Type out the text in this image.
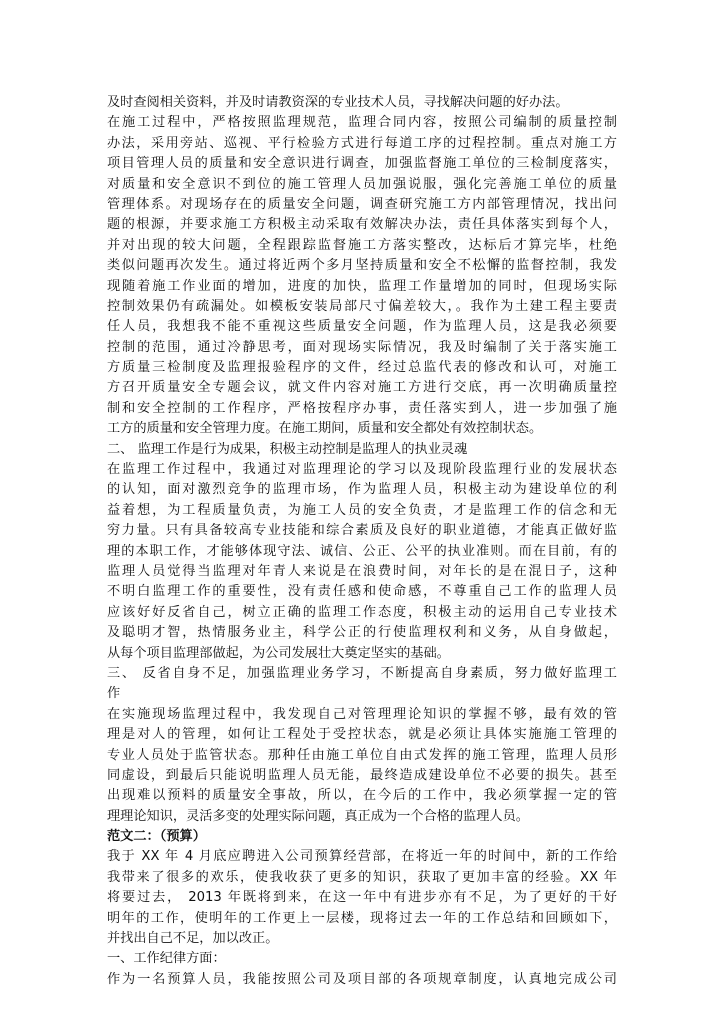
及时查阅相关资料，并及时请教资深的专业技术人员，寻找解决问题的好办法。
在施工过程中，严格按照监理规范，监理合同内容，按照公司编制的质量控制
办法，采用旁站、巡视、平行检验方式进行每道工序的过程控制。重点对施工方
项目管理人员的质量和安全意识进行调查，加强监督施工单位的三检制度落实，
对质量和安全意识不到位的施工管理人员加强说服，强化完善施工单位的质量
管理体系。对现场存在的质量安全问题，调查研究施工方内部管理情况，找出问
题的根源，并要求施工方积极主动采取有效解决办法，责任具体落实到每个人，
并对出现的较大问题，全程跟踪监督施工方落实整改，达标后才算完毕，杜绝
类似问题再次发生。通过将近两个多月坚持质量和安全不松懈的监督控制，我发
现随着施工作业面的增加，进度的加快，监理工作量增加的同时，但现场实际
控制效果仍有疏漏处。如模板安装局部尺寸偏差较大，。我作为土建工程主要责
任人员，我想我不能不重视这些质量安全问题，作为监理人员，这是我必须要
控制的范围，通过冷静思考，面对现场实际情况，我及时编制了关于落实施工
方质量三检制度及监理报验程序的文件，经过总监代表的修改和认可，对施工
方召开质量安全专题会议，就文件内容对施工方进行交底，再一次明确质量控
制和安全控制的工作程序，严格按程序办事，责任落实到人，进一步加强了施
工方的质量和安全管理力度。在施工期间，质量和安全都处有效控制状态。
二、 监理工作是行为成果，积极主动控制是监理人的执业灵魂
在监理工作过程中，我通过对监理理论的学习以及现阶段监理行业的发展状态
的认知，面对激烈竞争的监理市场，作为监理人员，积极主动为建设单位的利
益着想，为工程质量负责，为施工人员的安全负责，才是监理工作的信念和无
穷力量。只有具备较高专业技能和综合素质及良好的职业道德，才能真正做好监
理的本职工作，才能够体现守法、诚信、公正、公平的执业准则。而在目前，有的
监理人员觉得当监理对年青人来说是在浪费时间，对年长的是在混日子，这种
不明白监理工作的重要性，没有责任感和使命感，不尊重自己工作的监理人员
应该好好反省自己，树立正确的监理工作态度，积极主动的运用自己专业技术
及聪明才智，热情服务业主，科学公正的行使监理权利和义务，从自身做起，
从每个项目监理部做起，为公司发展壮大奠定坚实的基础。
三、 反省自身不足，加强监理业务学习，不断提高自身素质，努力做好监理工
作
在实施现场监理过程中，我发现自己对管理理论知识的掌握不够，最有效的管
理是对人的管理，如何让工程处于受控状态，就是必须让具体实施施工管理的
专业人员处于监管状态。那种任由施工单位自由式发挥的施工管理，监理人员形
同虚设，到最后只能说明监理人员无能，最终造成建设单位不必要的损失。甚至
出现难以预料的质量安全事故，所以，在今后的工作中，我必须掌握一定的管
理理论知识，灵活多变的处理实际问题，真正成为一个合格的监理人员。
范文二：（预算）
我于 XX 年 4 月底应聘进入公司预算经营部，在将近一年的时间中，新的工作给
我带来了很多的欢乐，使我收获了更多的知识，获取了更加丰富的经验。XX 年
将要过去， 2013 年既将到来，在这一年中有进步亦有不足，为了更好的干好
明年的工作，使明年的工作更上一层楼，现将过去一年的工作总结和回顾如下，
并找出自己不足，加以改正。
一、工作纪律方面：
作为一名预算人员，我能按照公司及项目部的各项规章制度，认真地完成公司
